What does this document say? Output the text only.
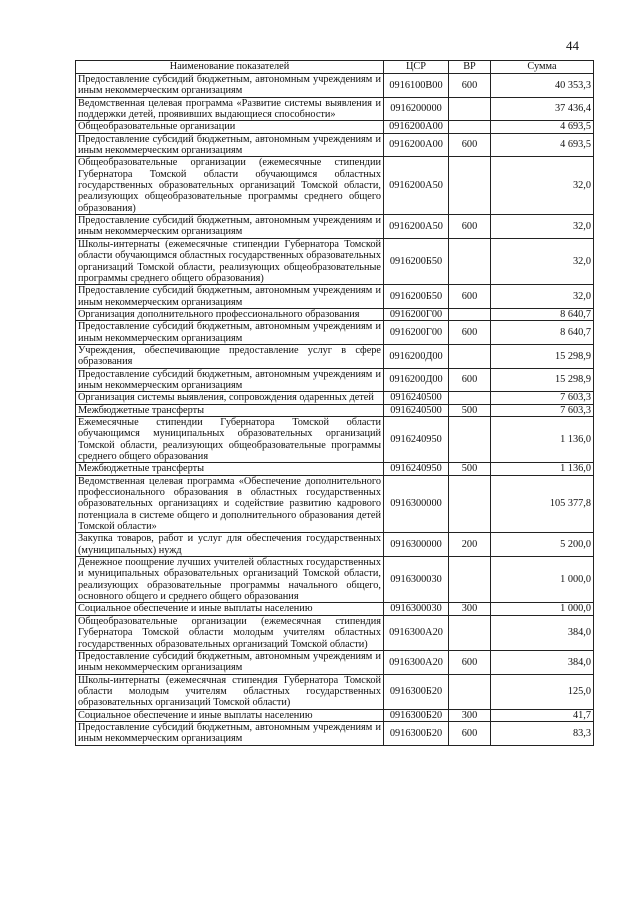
44
Наименование показателей	ЦСР	ВР	Сумма
Предоставление субсидий бюджетным, автономным учреждениям и иным некоммерческим организациям	0916100В00	600	40 353,3
Ведомственная целевая программа «Развитие системы выявления и поддержки детей, проявивших выдающиеся способности»	0916200000		37 436,4
Общеобразовательные организации	0916200А00		4 693,5
Предоставление субсидий бюджетным, автономным учреждениям и иным некоммерческим организациям	0916200А00	600	4 693,5
Общеобразовательные организации (ежемесячные стипендии Губернатора Томской области обучающимся областных государственных образовательных организаций Томской области, реализующих общеобразовательные программы среднего общего образования)	0916200А50		32,0
Предоставление субсидий бюджетным, автономным учреждениям и иным некоммерческим организациям	0916200А50	600	32,0
Школы-интернаты (ежемесячные стипендии Губернатора Томской области обучающимся областных государственных образовательных организаций Томской области, реализующих общеобразовательные программы среднего общего образования)	0916200Б50		32,0
Предоставление субсидий бюджетным, автономным учреждениям и иным некоммерческим организациям	0916200Б50	600	32,0
Организация дополнительного профессионального образования	0916200Г00		8 640,7
Предоставление субсидий бюджетным, автономным учреждениям и иным некоммерческим организациям	0916200Г00	600	8 640,7
Учреждения, обеспечивающие предоставление услуг в сфере образования	0916200Д00		15 298,9
Предоставление субсидий бюджетным, автономным учреждениям и иным некоммерческим организациям	0916200Д00	600	15 298,9
Организация системы выявления, сопровождения одаренных детей	0916240500		7 603,3
Межбюджетные трансферты	0916240500	500	7 603,3
Ежемесячные стипендии Губернатора Томской области обучающимся муниципальных образовательных организаций Томской области, реализующих общеобразовательные программы среднего общего образования	0916240950		1 136,0
Межбюджетные трансферты	0916240950	500	1 136,0
Ведомственная целевая программа «Обеспечение дополнительного профессионального образования в областных государственных образовательных организациях и содействие развитию кадрового потенциала в системе общего и дополнительного образования детей Томской области»	0916300000		105 377,8
Закупка товаров, работ и услуг для обеспечения государственных (муниципальных) нужд	0916300000	200	5 200,0
Денежное поощрение лучших учителей областных государственных и муниципальных образовательных организаций Томской области, реализующих образовательные программы начального общего, основного общего и среднего общего образования	0916300030		1 000,0
Социальное обеспечение и иные выплаты населению	0916300030	300	1 000,0
Общеобразовательные организации (ежемесячная стипендия Губернатора Томской области молодым учителям областных государственных образовательных организаций Томской области)	0916300А20		384,0
Предоставление субсидий бюджетным, автономным учреждениям и иным некоммерческим организациям	0916300А20	600	384,0
Школы-интернаты (ежемесячная стипендия Губернатора Томской области молодым учителям областных государственных образовательных организаций Томской области)	0916300Б20		125,0
Социальное обеспечение и иные выплаты населению	0916300Б20	300	41,7
Предоставление субсидий бюджетным, автономным учреждениям и иным некоммерческим организациям	0916300Б20	600	83,3
